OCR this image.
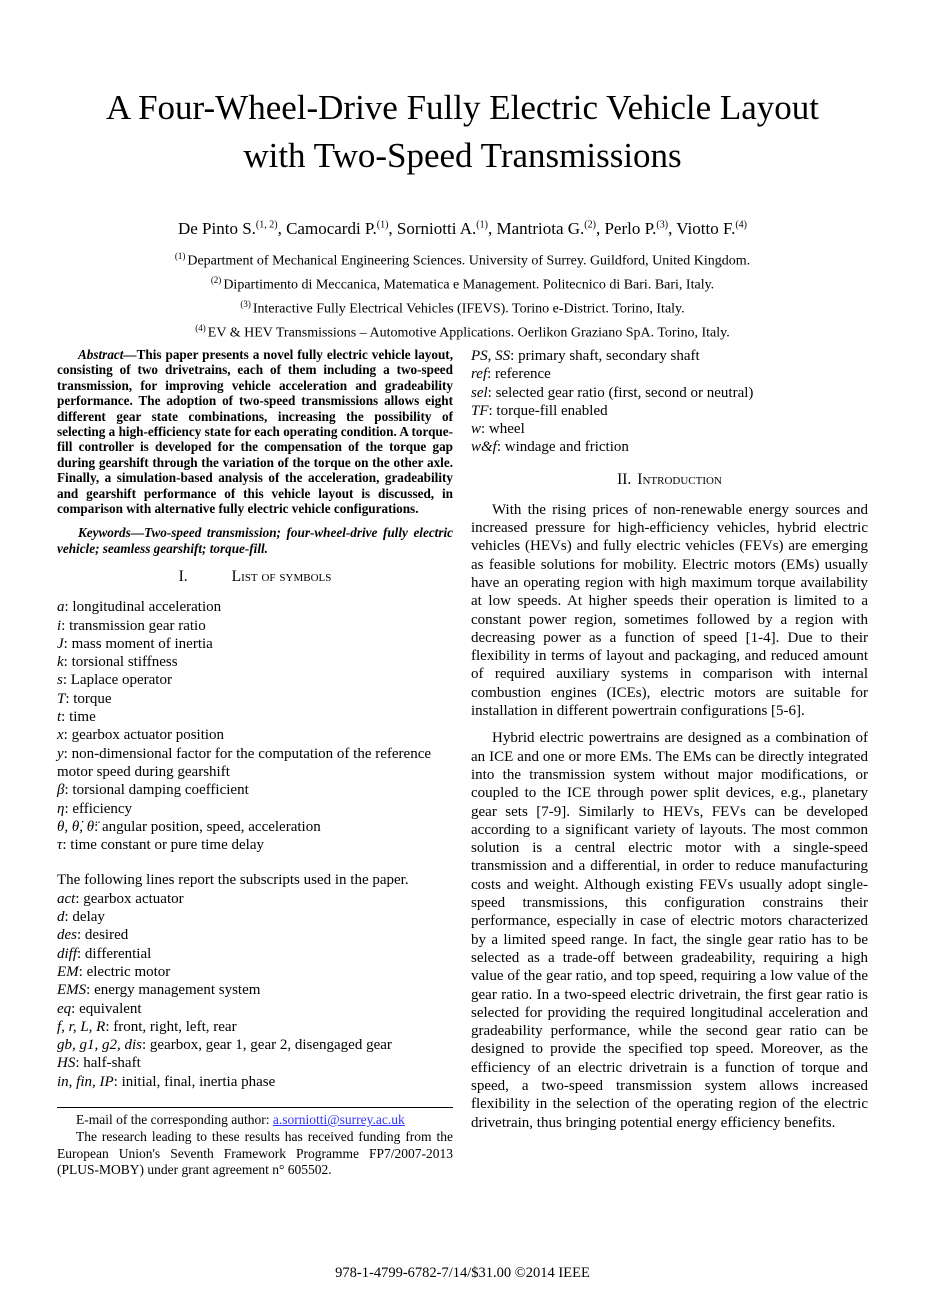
A Four-Wheel-Drive Fully Electric Vehicle Layout
with Two-Speed Transmissions
De Pinto S.$^{(1, 2)}$, Camocardi P.$^{(1)}$, Sorniotti A.$^{(1)}$, Mantriota G.$^{(2)}$, Perlo P.$^{(3)}$, Viotto F.$^{(4)}$
$^{(1)}$ Department of Mechanical Engineering Sciences. University of Surrey. Guildford, United Kingdom.
$^{(2)}$ Dipartimento di Meccanica, Matematica e Management. Politecnico di Bari. Bari, Italy.
$^{(3)}$ Interactive Fully Electrical Vehicles (IFEVS). Torino e-District. Torino, Italy.
$^{(4)}$ EV & HEV Transmissions – Automotive Applications. Oerlikon Graziano SpA. Torino, Italy.

Abstract—This paper presents a novel fully electric vehicle layout, consisting of two drivetrains, each of them including a two-speed transmission, for improving vehicle acceleration and gradeability performance. The adoption of two-speed transmissions allows eight different gear state combinations, increasing the possibility of selecting a high-efficiency state for each operating condition. A torque-fill controller is developed for the compensation of the torque gap during gearshift through the variation of the torque on the other axle. Finally, a simulation-based analysis of the acceleration, gradeability and gearshift performance of this vehicle layout is discussed, in comparison with alternative fully electric vehicle configurations.

Keywords—Two-speed transmission; four-wheel-drive fully electric vehicle; seamless gearshift; torque-fill.

I.	List of symbols
a: longitudinal acceleration
i: transmission gear ratio
J: mass moment of inertia
k: torsional stiffness
s: Laplace operator
T: torque
t: time
x: gearbox actuator position
y: non-dimensional factor for the computation of the reference motor speed during gearshift
β: torsional damping coefficient
η: efficiency
θ, θ̇, θ̈: angular position, speed, acceleration
τ: time constant or pure time delay

The following lines report the subscripts used in the paper.

act: gearbox actuator
d: delay
des: desired
diff: differential
EM: electric motor
EMS: energy management system
eq: equivalent
f, r, L, R: front, right, left, rear
gb, g1, g2, dis: gearbox, gear 1, gear 2, disengaged gear
HS: half-shaft
in, fin, IP: initial, final, inertia phase
PS, SS: primary shaft, secondary shaft
ref: reference
sel: selected gear ratio (first, second or neutral)
TF: torque-fill enabled
w: wheel
w&f: windage and friction
II. Introduction

With the rising prices of non-renewable energy sources and increased pressure for high-efficiency vehicles, hybrid electric vehicles (HEVs) and fully electric vehicles (FEVs) are emerging as feasible solutions for mobility. Electric motors (EMs) usually have an operating region with high maximum torque availability at low speeds. At higher speeds their operation is limited to a constant power region, sometimes followed by a region with decreasing power as a function of speed [1-4]. Due to their flexibility in terms of layout and packaging, and reduced amount of required auxiliary systems in comparison with internal combustion engines (ICEs), electric motors are suitable for installation in different powertrain configurations [5-6].

Hybrid electric powertrains are designed as a combination of an ICE and one or more EMs. The EMs can be directly integrated into the transmission system without major modifications, or coupled to the ICE through power split devices, e.g., planetary gear sets [7-9]. Similarly to HEVs, FEVs can be developed according to a significant variety of layouts. The most common solution is a central electric motor with a single-speed transmission and a differential, in order to reduce manufacturing costs and weight. Although existing FEVs usually adopt single-speed transmissions, this configuration constrains their performance, especially in case of electric motors characterized by a limited speed range. In fact, the single gear ratio has to be selected as a trade-off between gradeability, requiring a high value of the gear ratio, and top speed, requiring a low value of the gear ratio. In a two-speed electric drivetrain, the first gear ratio is selected for providing the required longitudinal acceleration and gradeability performance, while the second gear ratio can be designed to provide the specified top speed. Moreover, as the efficiency of an electric drivetrain is a function of torque and speed, a two-speed transmission system allows increased flexibility in the selection of the operating region of the electric drivetrain, thus bringing potential energy efficiency benefits.

E-mail of the corresponding author: a.sorniotti@surrey.ac.uk

The research leading to these results has received funding from the European Union's Seventh Framework Programme FP7/2007-2013 (PLUS-MOBY) under grant agreement n° 605502.

978-1-4799-6782-7/14/$31.00 ©2014 IEEE
